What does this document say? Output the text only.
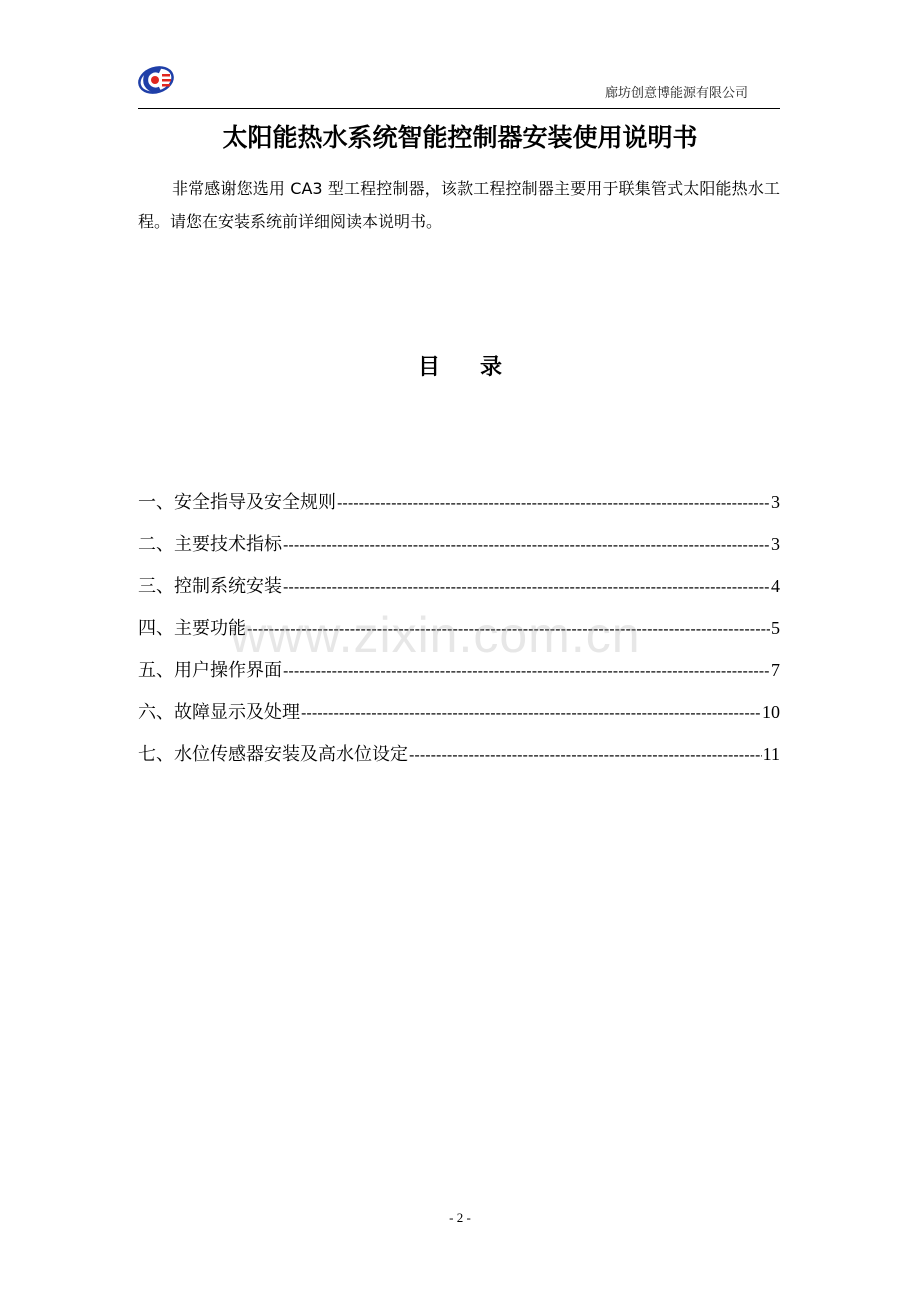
廊坊创意博能源有限公司
太阳能热水系统智能控制器安装使用说明书
非常感谢您选用 CA3 型工程控制器，该款工程控制器主要用于联集管式太阳能热水工程。请您在安装系统前详细阅读本说明书。
目录
一、安全指导及安全规则 -----	3
二、主要技术指标 -----	3
三、控制系统安装 -----	4
四、主要功能 -----	5
五、用户操作界面 -----	7
六、故障显示及处理 -----	10
七、水位传感器安装及高水位设定 -----	11
www.zixin.com.cn
- 2 -
